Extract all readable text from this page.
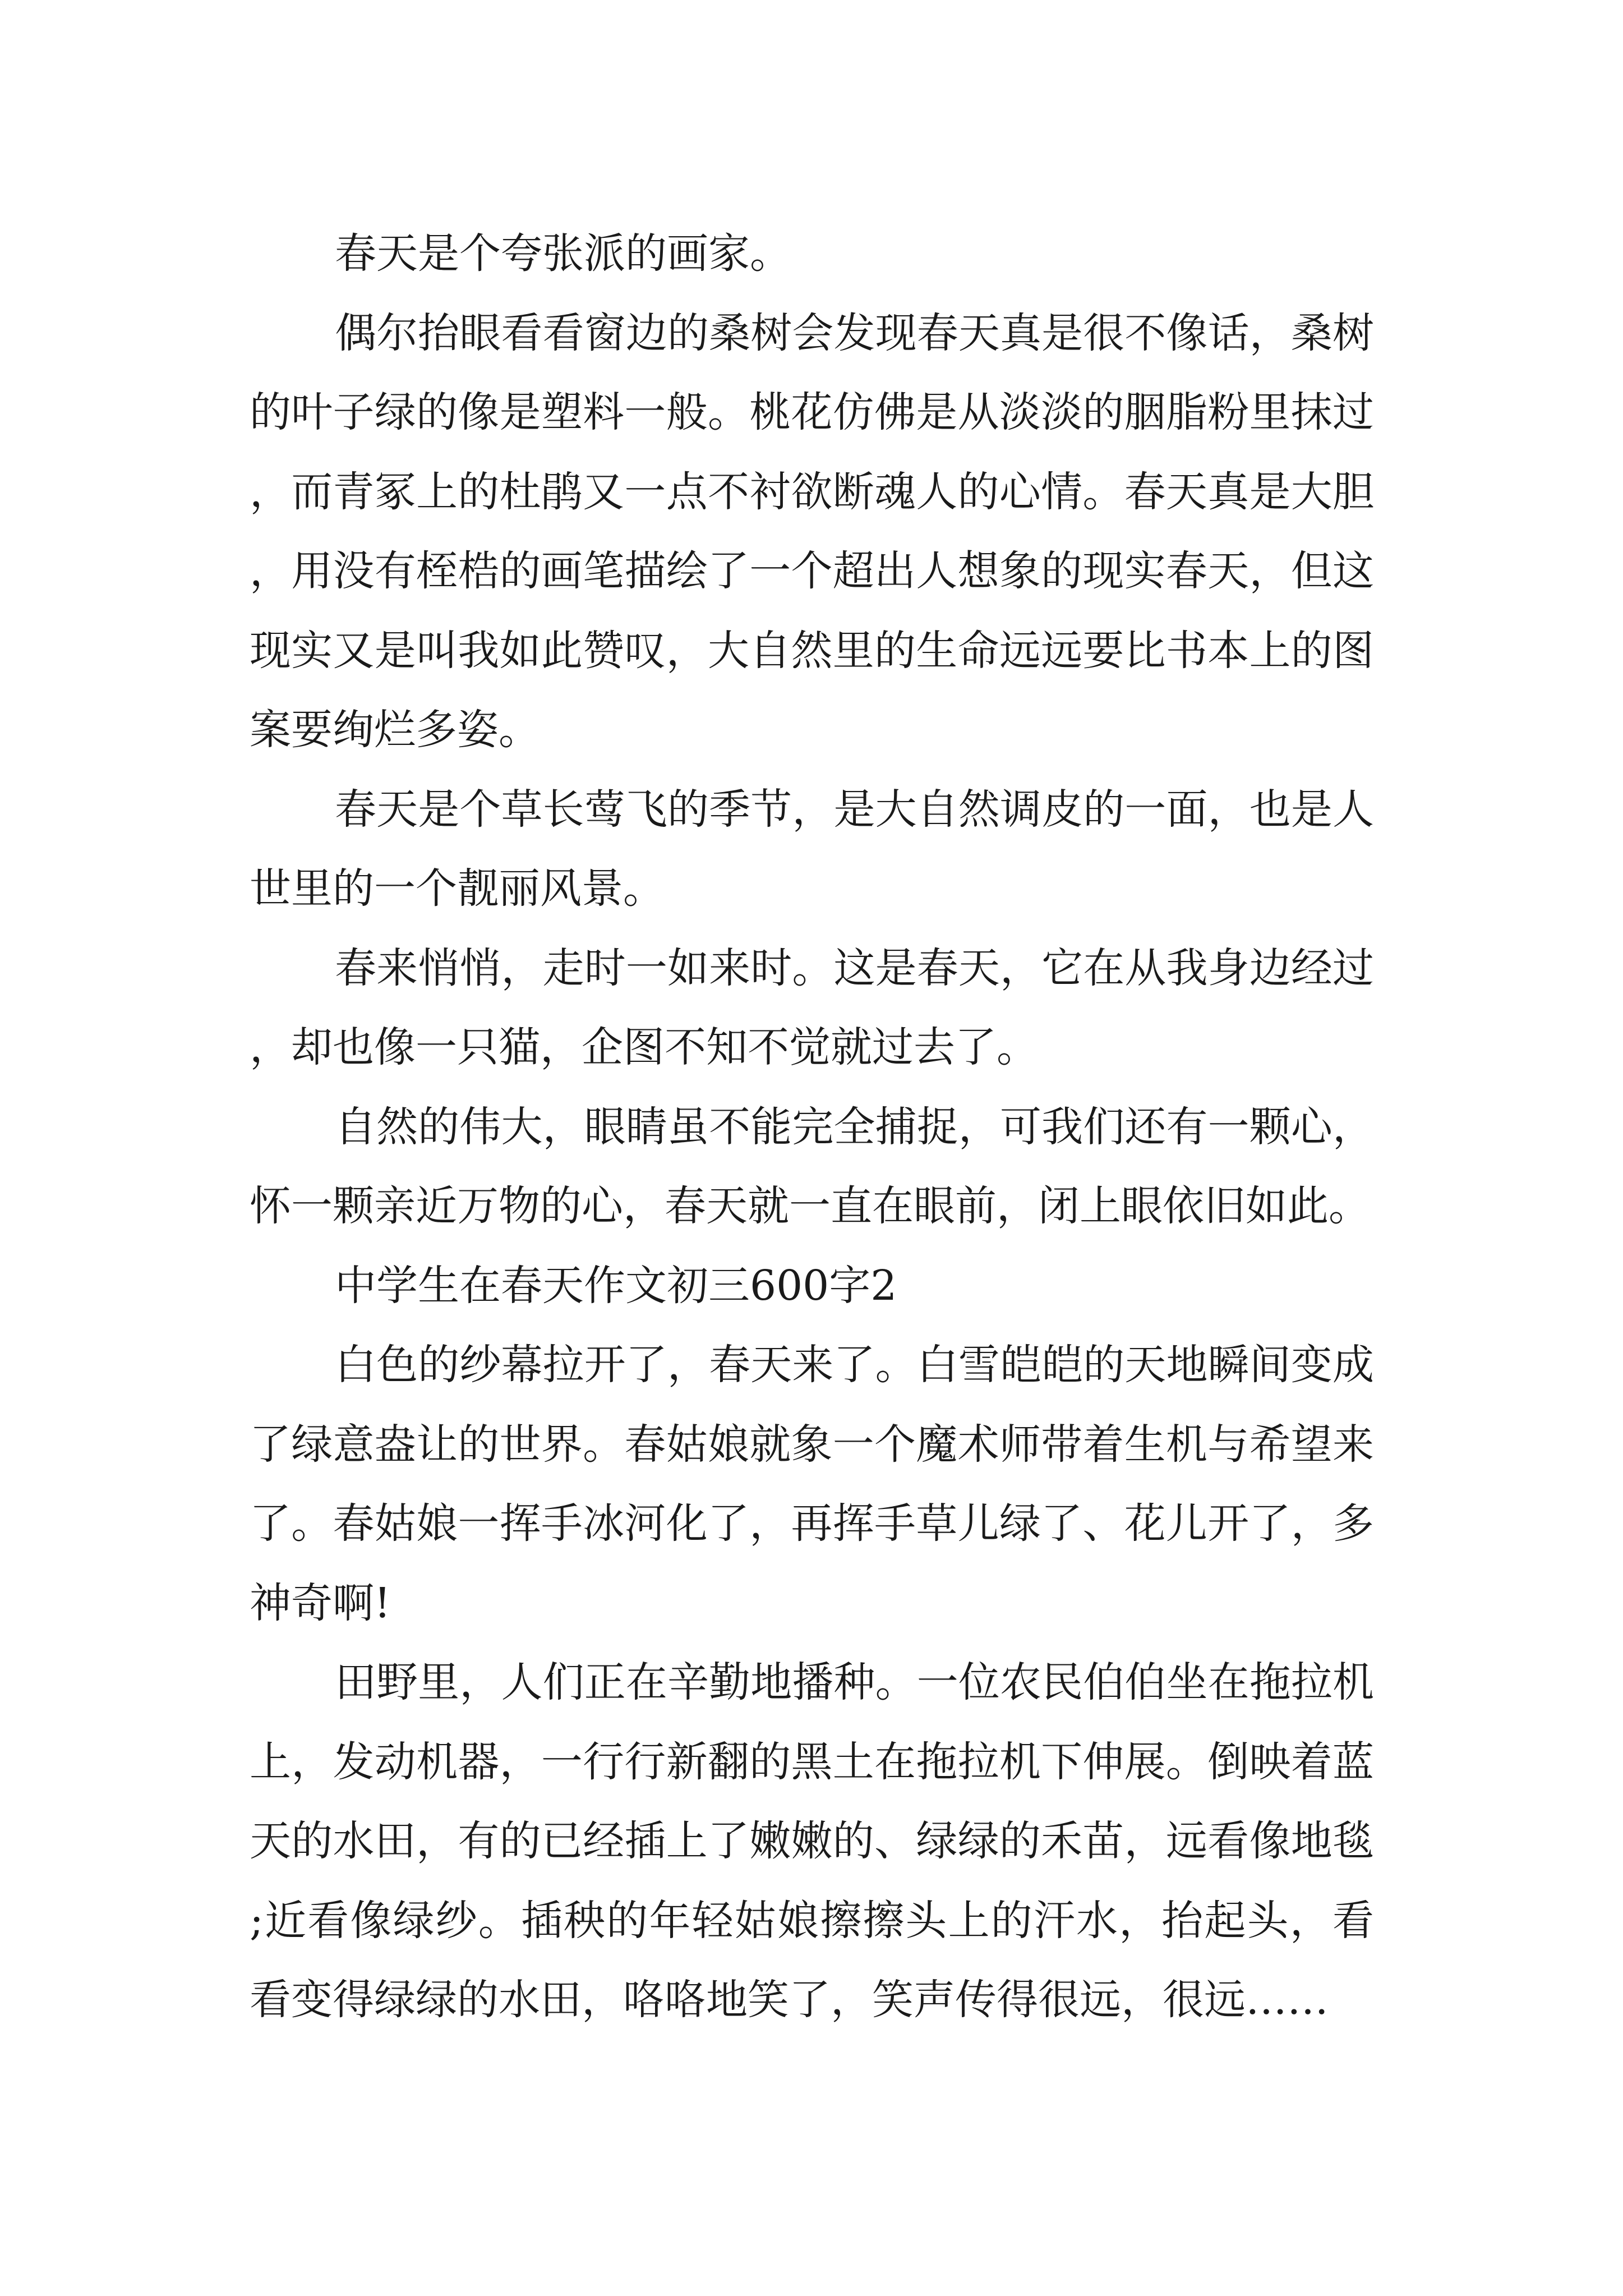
春天是个夸张派的画家。

偶尔抬眼看看窗边的桑树会发现春天真是很不像话，桑树的叶子绿的像是塑料一般。桃花仿佛是从淡淡的胭脂粉里抹过，而青冢上的杜鹃又一点不衬欲断魂人的心情。春天真是大胆，用没有桎梏的画笔描绘了一个超出人想象的现实春天，但这现实又是叫我如此赞叹，大自然里的生命远远要比书本上的图案要绚烂多姿。

春天是个草长莺飞的季节，是大自然调皮的一面，也是人世里的一个靓丽风景。

春来悄悄，走时一如来时。这是春天，它在从我身边经过，却也像一只猫，企图不知不觉就过去了。

自然的伟大，眼睛虽不能完全捕捉，可我们还有一颗心，怀一颗亲近万物的心，春天就一直在眼前，闭上眼依旧如此。

中学生在春天作文初三600字2

白色的纱幕拉开了，春天来了。白雪皑皑的天地瞬间变成了绿意盎让的世界。春姑娘就象一个魔术师带着生机与希望来了。春姑娘一挥手冰河化了，再挥手草儿绿了、花儿开了，多神奇啊!

田野里，人们正在辛勤地播种。一位农民伯伯坐在拖拉机上，发动机器，一行行新翻的黑土在拖拉机下伸展。倒映着蓝天的水田，有的已经插上了嫩嫩的、绿绿的禾苗，远看像地毯;近看像绿纱。插秧的年轻姑娘擦擦头上的汗水，抬起头，看看变得绿绿的水田，咯咯地笑了，笑声传得很远，很远……
